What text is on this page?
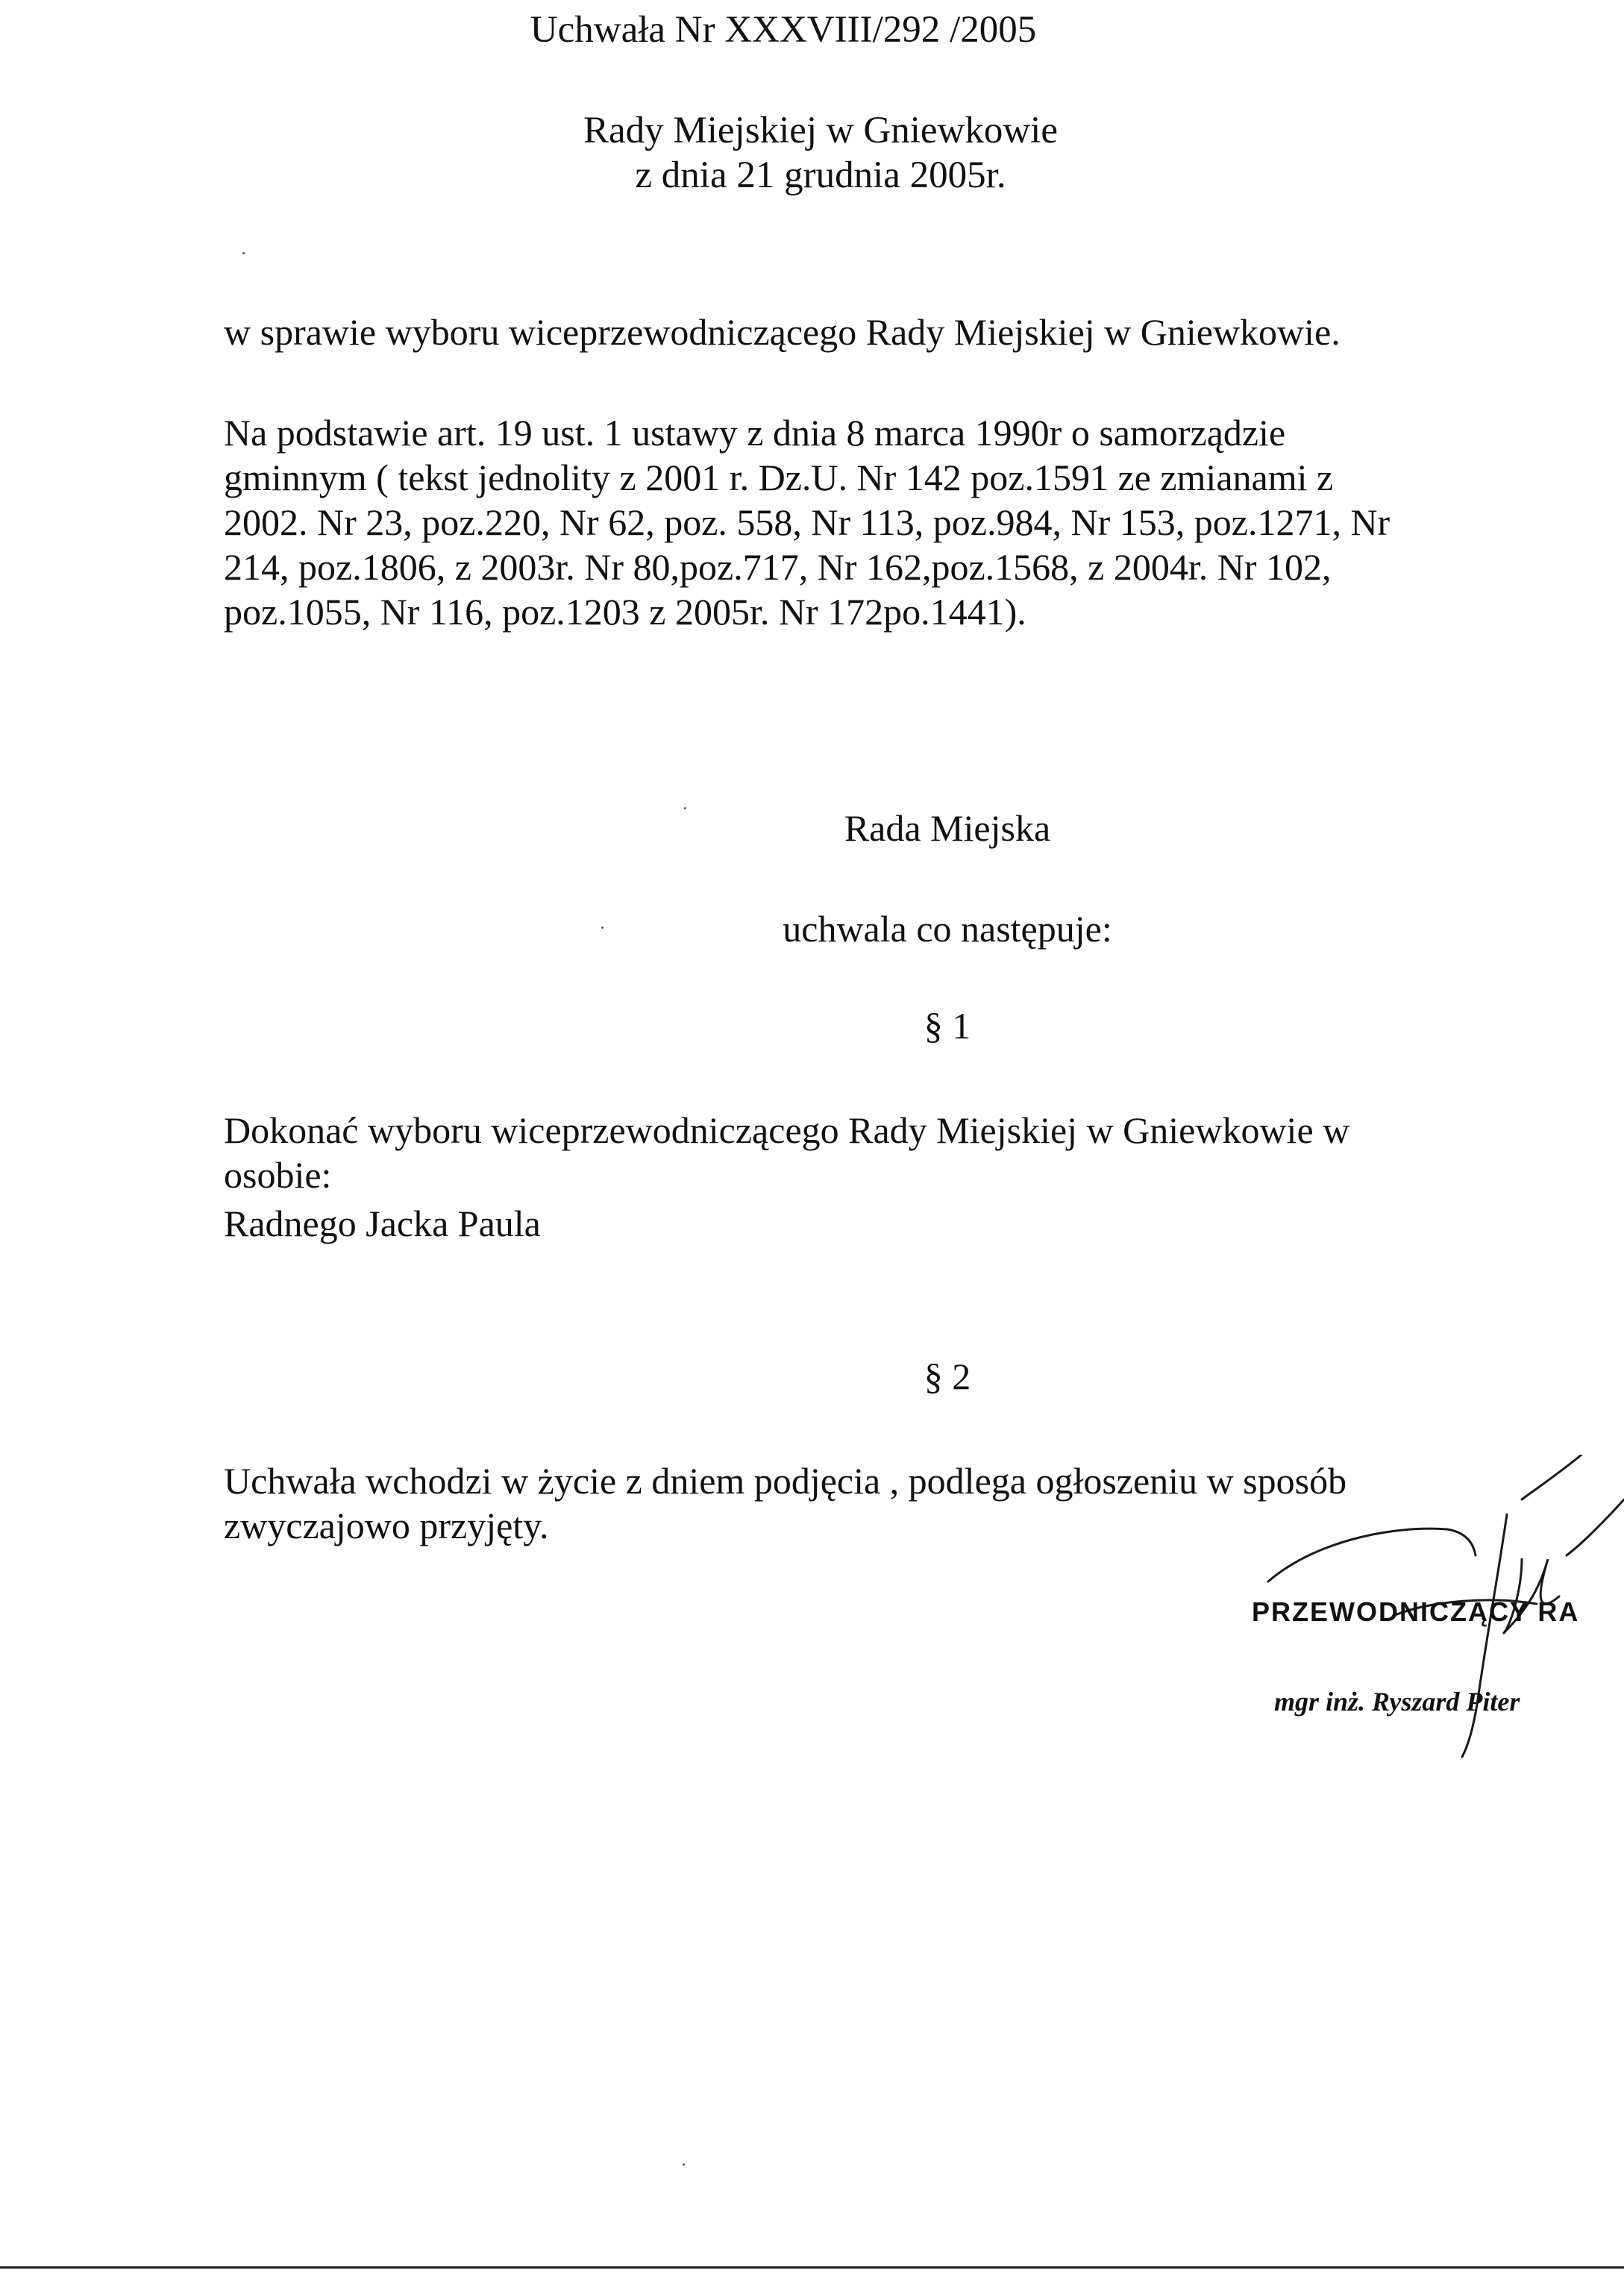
Uchwała Nr XXXVIII/292 /2005
Rady Miejskiej w Gniewkowie
z dnia 21 grudnia 2005r.
w sprawie wyboru wiceprzewodniczącego Rady Miejskiej w Gniewkowie.
Na podstawie art. 19 ust. 1 ustawy z dnia 8 marca 1990r o samorządzie
gminnym ( tekst jednolity z 2001 r. Dz.U. Nr 142 poz.1591 ze zmianami z
2002. Nr 23, poz.220, Nr 62, poz. 558, Nr 113, poz.984, Nr 153, poz.1271, Nr
214, poz.1806, z 2003r. Nr 80,poz.717, Nr 162,poz.1568, z 2004r. Nr 102,
poz.1055, Nr 116, poz.1203 z 2005r. Nr 172po.1441).
Rada Miejska
uchwala co następuje:
§ 1
Dokonać wyboru wiceprzewodniczącego Rady Miejskiej w Gniewkowie w
osobie:
Radnego Jacka Paula
§ 2
Uchwała wchodzi w życie z dniem podjęcia , podlega ogłoszeniu w sposób
zwyczajowo przyjęty.
PRZEWODNICZĄCY RA
mgr inż. Ryszard Piter
